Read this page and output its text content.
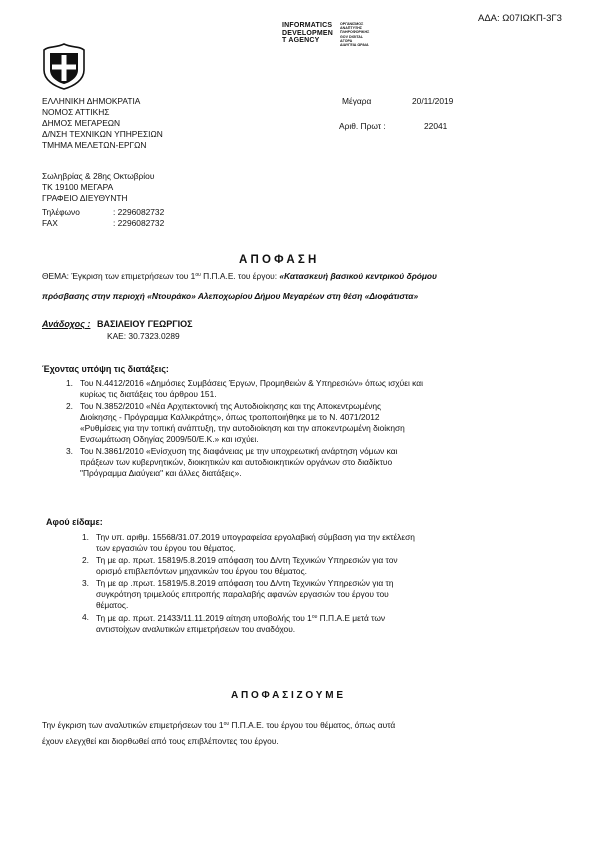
ΑΔΑ: Ω07ΙΩΚΠ-3Γ3
INFORMATICS
DEVELOPMEN
T AGENCY
ΟΡΓΑΝΙΣΜΟΣ
ΑΝΑΠΤΥΞΗΣ
ΠΛΗΡΟΦΟΡΙΚΗΣ
GOV DIGITAL
ΑΓΟΡΑ
ΔΙΑΥΓΕΙΑ ΩΡΑΙΑ
ΕΛΛΗΝΙΚΗ ΔΗΜΟΚΡΑΤΙΑ
ΝΟΜΟΣ ΑΤΤΙΚΗΣ
ΔΗΜΟΣ ΜΕΓΑΡΕΩΝ
Δ/ΝΣΗ ΤΕΧΝΙΚΩΝ ΥΠΗΡΕΣΙΩΝ
ΤΜΗΜΑ ΜΕΛΕΤΩΝ-ΕΡΓΩΝ
Μέγαρα	20/11/2019
Αριθ. Πρωτ :	22041
Σωληβρίας & 28ης Οκτωβρίου
ΤΚ 19100 ΜΕΓΑΡΑ
ΓΡΑΦΕΙΟ ΔΙΕΥΘΥΝΤΗ
Τηλέφωνο	: 2296082732
FAX	: 2296082732
Α Π Ο Φ Α Σ Η
ΘΕΜΑ: Έγκριση των επιμετρήσεων του $1^{o\upsilon}$ Π.Π.Α.Ε. του έργου: «Κατασκευή βασικού κεντρικού δρόμου
πρόσβασης στην περιοχή «Ντουράκο» Αλεποχωρίου Δήμου Μεγαρέων στη θέση «Διοφάτιστα»
Ανάδοχος : ΒΑΣΙΛΕΙΟΥ ΓΕΩΡΓΙΟΣ
ΚΑΕ: 30.7323.0289
Έχοντας υπόψη τις διατάξεις:
1. Του Ν.4412/2016 «Δημόσιες Συμβάσεις Έργων, Προμηθειών & Υπηρεσιών» όπως ισχύει και
κυρίως τις διατάξεις του άρθρου 151.
2. Του Ν.3852/2010 «Νέα Αρχιτεκτονική της Αυτοδιοίκησης και της Αποκεντρωμένης
Διοίκησης - Πρόγραμμα Καλλικράτης», όπως τροποποιήθηκε με το Ν. 4071/2012
«Ρυθμίσεις για την τοπική ανάπτυξη, την αυτοδιοίκηση και την αποκεντρωμένη διοίκηση
Ενσωμάτωση Οδηγίας 2009/50/Ε.Κ.» και ισχύει.
3. Του Ν.3861/2010 «Ενίσχυση της διαφάνειας με την υποχρεωτική ανάρτηση νόμων και
πράξεων των κυβερνητικών, διοικητικών και αυτοδιοικητικών οργάνων στο διαδίκτυο
"Πρόγραμμα Διαύγεια" και άλλες διατάξεις».
Αφού είδαμε:
1. Την υπ. αριθμ. 15568/31.07.2019 υπογραφείσα εργολαβική σύμβαση για την εκτέλεση
των εργασιών του έργου του θέματος.
2. Τη με αρ. πρωτ. 15819/5.8.2019 απόφαση του Δ/ντη Τεχνικών Υπηρεσιών για τον
ορισμό επιβλεπόντων μηχανικών του έργου του θέματος.
3. Τη με αρ .πρωτ. 15819/5.8.2019 απόφαση του Δ/ντη Τεχνικών Υπηρεσιών για τη
συγκρότηση τριμελούς επιτροπής παραλαβής αφανών εργασιών του έργου του
θέματος.
4. Τη με αρ. πρωτ. 21433/11.11.2019 αίτηση υποβολής του $1^{o\upsilon}$ Π.Π.Α.Ε μετά των
αντιστοίχων αναλυτικών επιμετρήσεων του αναδόχου.
Α Π Ο Φ Α Σ Ι Ζ Ο Υ Μ Ε
Την έγκριση των αναλυτικών επιμετρήσεων του $1^{o\upsilon}$ Π.Π.Α.Ε. του έργου του θέματος, όπως αυτά
έχουν ελεγχθεί και διορθωθεί από τους επιβλέποντες του έργου.
